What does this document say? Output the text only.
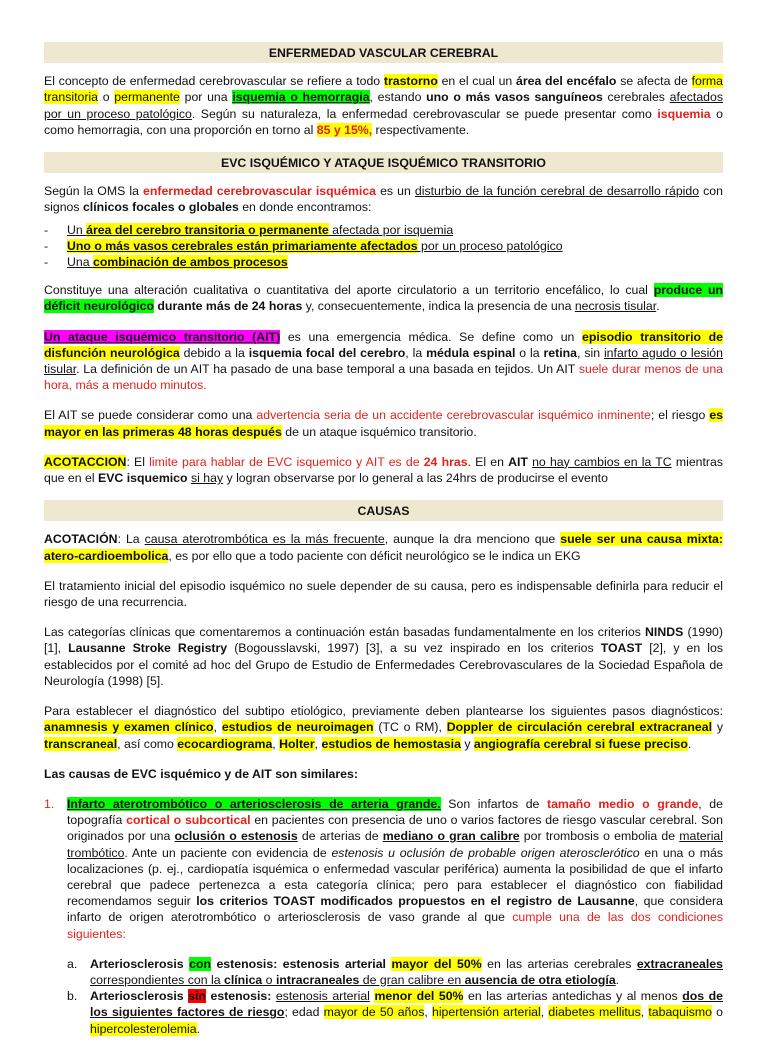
ENFERMEDAD VASCULAR CEREBRAL

El concepto de enfermedad cerebrovascular se refiere a todo trastorno en el cual un área del encéfalo se afecta de forma transitoria o permanente por una isquemia o hemorragia, estando uno o más vasos sanguíneos cerebrales afectados por un proceso patológico. Según su naturaleza, la enfermedad cerebrovascular se puede presentar como isquemia o como hemorragia, con una proporción en torno al 85 y 15%, respectivamente.

EVC ISQUÉMICO Y ATAQUE ISQUÉMICO TRANSITORIO

Según la OMS la enfermedad cerebrovascular isquémica es un disturbio de la función cerebral de desarrollo rápido con signos clínicos focales o globales en donde encontramos:

- Un área del cerebro transitoria o permanente afectada por isquemia
- Uno o más vasos cerebrales están primariamente afectados por un proceso patológico
- Una combinación de ambos procesos

Constituye una alteración cualitativa o cuantitativa del aporte circulatorio a un territorio encefálico, lo cual produce un déficit neurológico durante más de 24 horas y, consecuentemente, indica la presencia de una necrosis tisular.

Un ataque isquémico transitorio (AIT) es una emergencia médica. Se define como un episodio transitorio de disfunción neurológica debido a la isquemia focal del cerebro, la médula espinal o la retina, sin infarto agudo o lesión tisular. La definición de un AIT ha pasado de una base temporal a una basada en tejidos. Un AIT suele durar menos de una hora, más a menudo minutos.

El AIT se puede considerar como una advertencia seria de un accidente cerebrovascular isquémico inminente; el riesgo es mayor en las primeras 48 horas después de un ataque isquémico transitorio.

ACOTACCION: El limite para hablar de EVC isquemico y AIT es de 24 hras. El en AIT no hay cambios en la TC mientras que en el EVC isquemico si hay y logran observarse por lo general a las 24hrs de producirse el evento

CAUSAS

ACOTACIÓN: La causa aterotrombótica es la más frecuente, aunque la dra menciono que suele ser una causa mixta: atero-cardioembolica, es por ello que a todo paciente con déficit neurológico se le indica un EKG

El tratamiento inicial del episodio isquémico no suele depender de su causa, pero es indispensable definirla para reducir el riesgo de una recurrencia.

Las categorías clínicas que comentaremos a continuación están basadas fundamentalmente en los criterios NINDS (1990) [1], Lausanne Stroke Registry (Bogousslavski, 1997) [3], a su vez inspirado en los criterios TOAST [2], y en los establecidos por el comité ad hoc del Grupo de Estudio de Enfermedades Cerebrovasculares de la Sociedad Española de Neurología (1998) [5].

Para establecer el diagnóstico del subtipo etiológico, previamente deben plantearse los siguientes pasos diagnósticos: anamnesis y examen clínico, estudios de neuroimagen (TC o RM), Doppler de circulación cerebral extracraneal y transcraneal, así como ecocardiograma, Holter, estudios de hemostasia y angiografía cerebral si fuese preciso.

Las causas de EVC isquémico y de AIT son similares:

1. Infarto aterotrombótico o arteriosclerosis de arteria grande. Son infartos de tamaño medio o grande, de topografía cortical o subcortical en pacientes con presencia de uno o varios factores de riesgo vascular cerebral. Son originados por una oclusión o estenosis de arterias de mediano o gran calibre por trombosis o embolia de material trombótico. Ante un paciente con evidencia de estenosis u oclusión de probable origen aterosclerótico en una o más localizaciones (p. ej., cardiopatía isquémica o enfermedad vascular periférica) aumenta la posibilidad de que el infarto cerebral que padece pertenezca a esta categoría clínica; pero para establecer el diagnóstico con fiabilidad recomendamos seguir los criterios TOAST modificados propuestos en el registro de Lausanne, que considera infarto de origen aterotrombótico o arteriosclerosis de vaso grande al que cumple una de las dos condiciones siguientes:
a. Arteriosclerosis con estenosis: estenosis arterial mayor del 50% en las arterias cerebrales extracraneales correspondientes con la clínica o intracraneales de gran calibre en ausencia de otra etiología.
b. Arteriosclerosis sin estenosis: estenosis arterial menor del 50% en las arterias antedichas y al menos dos de los siguientes factores de riesgo; edad mayor de 50 años, hipertensión arterial, diabetes mellitus, tabaquismo o hipercolesterolemia.
